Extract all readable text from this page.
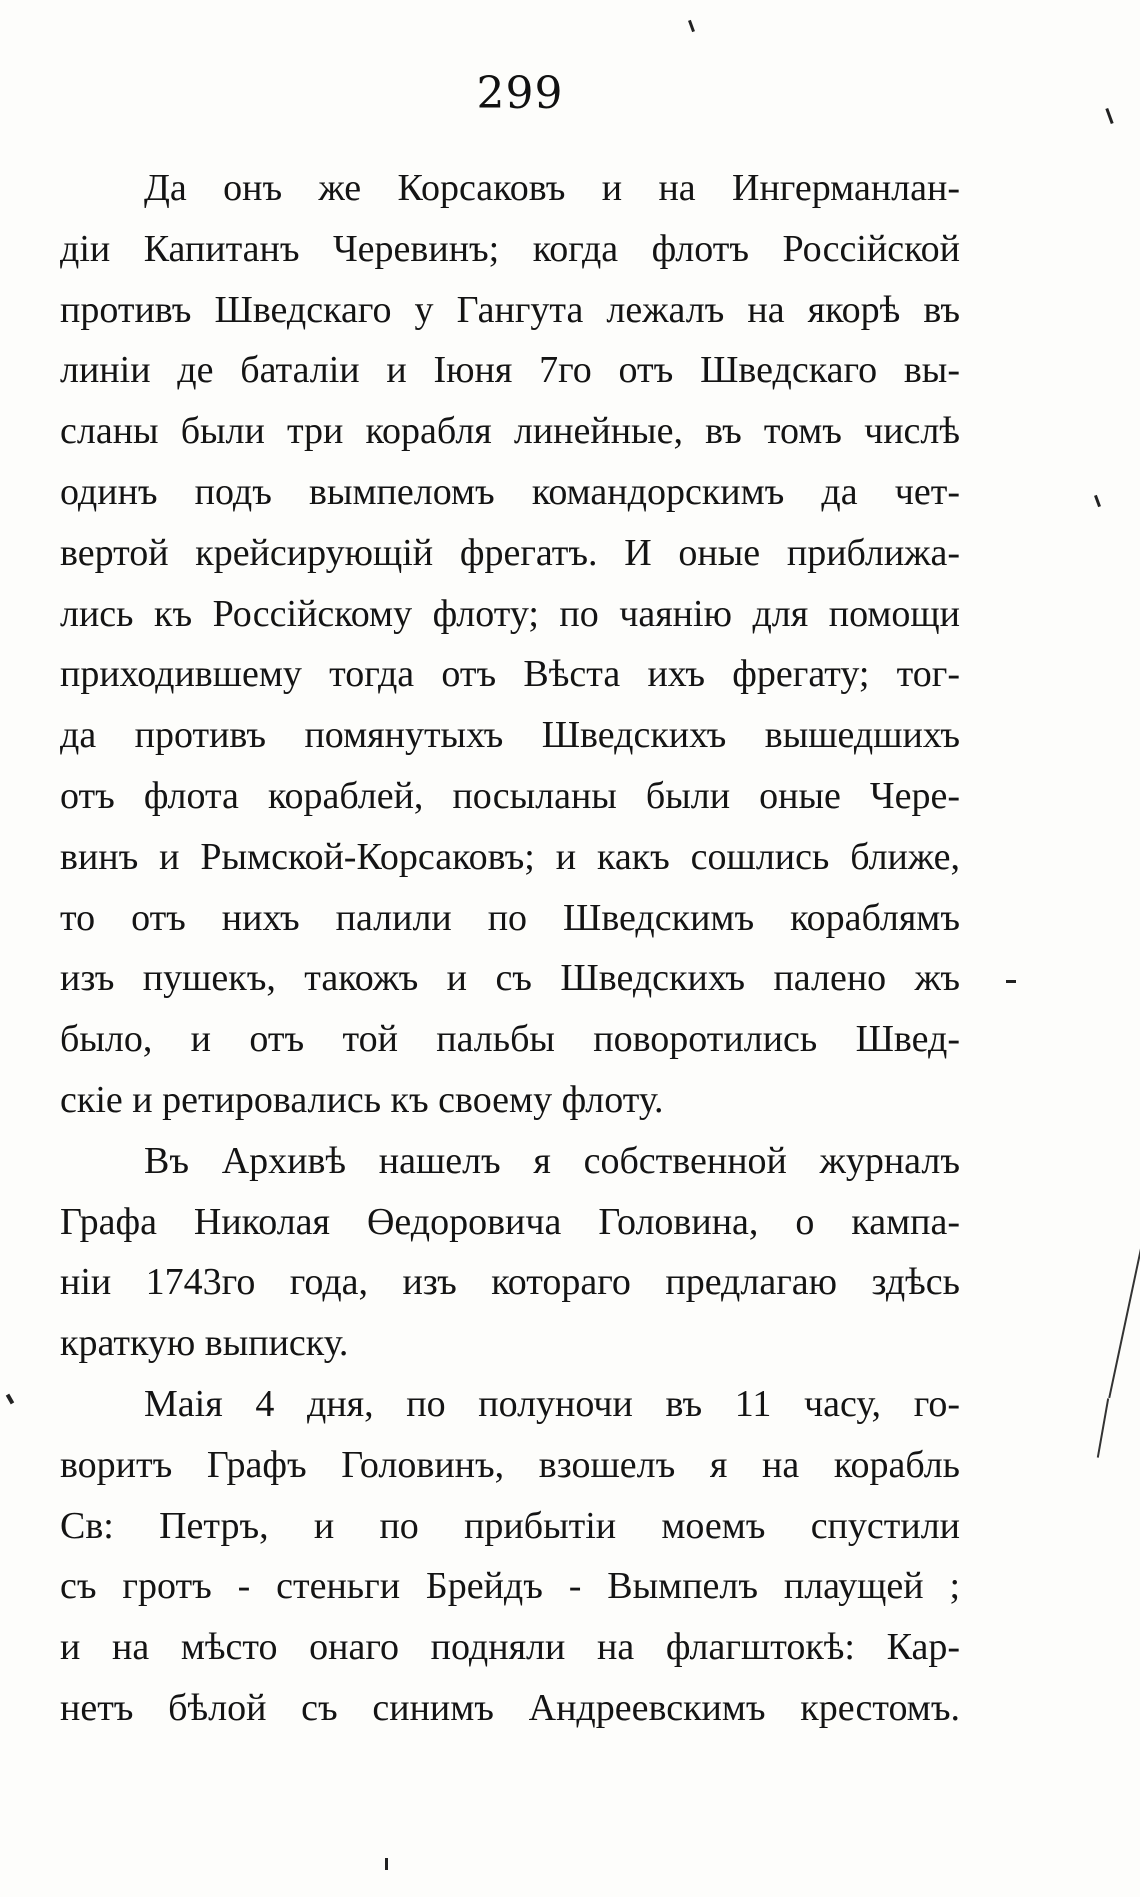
299
Да онъ же Корсаковъ и на Ингерманлан-
дiи Капитанъ Черевинъ; когда флотъ Россiйской
противъ Шведскаго у Гангута лежалъ на якорѣ въ
линiи де баталiи и Iюня 7го отъ Шведскаго вы-
сланы были три корабля линейные, въ томъ числѣ
одинъ подъ вымпеломъ командорскимъ да чет-
вертой крейсирующiй фрегатъ. И оные приближа-
лись къ Россiйскому флоту; по чаянiю для помощи
приходившему тогда отъ Вѣста ихъ фрегату; тог-
да противъ помянутыхъ Шведскихъ вышедшихъ
отъ флота кораблей, посыланы были оные Чере-
винъ и Рымской-Корсаковъ; и какъ сошлись ближе,
то отъ нихъ палили по Шведскимъ кораблямъ
изъ пушекъ, такожъ и съ Шведскихъ палено жъ
было, и отъ той пальбы поворотились Швед-
скiе и ретировались къ своему флоту.
Въ Архивѣ нашелъ я собственной журналъ
Графа Николая Өедоровича Головина, о кампа-
нiи 1743го года, изъ котораго предлагаю здѣсь
краткую выписку.
Маiя 4 дня, по полуночи въ 11 часу, го-
воритъ Графъ Головинъ, взошелъ я на корабль
Св: Петръ, и по прибытiи моемъ спустили
съ гротъ - стеньги Брейдъ - Вымпелъ плаущей ;
и на мѣсто онаго подняли на флагштокѣ: Кар-
нетъ бѣлой съ синимъ Андреевскимъ крестомъ.
